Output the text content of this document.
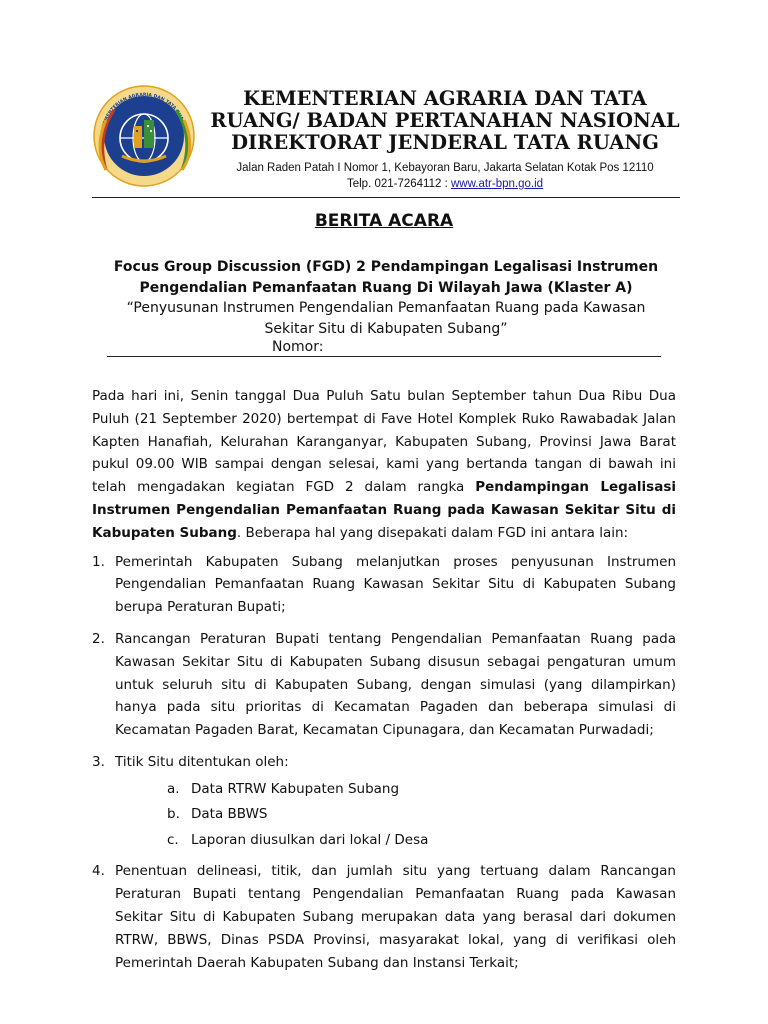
KEMENTERIAN AGRARIA DAN TATA RUANG
BADAN PERTANAHAN NASIONAL
KEMENTERIAN AGRARIA DAN TATA
RUANG/ BADAN PERTANAHAN NASIONAL
DIREKTORAT JENDERAL TATA RUANG
Jalan Raden Patah I Nomor 1, Kebayoran Baru, Jakarta Selatan Kotak Pos 12110
Telp. 021-7264112 : www.atr-bpn.go.id
BERITA ACARA
Focus Group Discussion (FGD) 2 Pendampingan Legalisasi Instrumen
Pengendalian Pemanfaatan Ruang Di Wilayah Jawa (Klaster A)
“Penyusunan Instrumen Pengendalian Pemanfaatan Ruang pada Kawasan
Sekitar Situ di Kabupaten Subang”
Nomor:

Pada hari ini, Senin tanggal Dua Puluh Satu bulan September tahun Dua Ribu Dua Puluh (21 September 2020) bertempat di Fave Hotel Komplek Ruko Rawabadak Jalan Kapten Hanafiah, Kelurahan Karanganyar, Kabupaten Subang, Provinsi Jawa Barat pukul 09.00 WIB sampai dengan selesai, kami yang bertanda tangan di bawah ini telah mengadakan kegiatan FGD 2 dalam rangka Pendampingan Legalisasi Instrumen Pengendalian Pemanfaatan Ruang pada Kawasan Sekitar Situ di Kabupaten Subang. Beberapa hal yang disepakati dalam FGD ini antara lain:

1. Pemerintah Kabupaten Subang melanjutkan proses penyusunan Instrumen Pengendalian Pemanfaatan Ruang Kawasan Sekitar Situ di Kabupaten Subang berupa Peraturan Bupati;
2. Rancangan Peraturan Bupati tentang Pengendalian Pemanfaatan Ruang pada Kawasan Sekitar Situ di Kabupaten Subang disusun sebagai pengaturan umum untuk seluruh situ di Kabupaten Subang, dengan simulasi (yang dilampirkan) hanya pada situ prioritas di Kecamatan Pagaden dan beberapa simulasi di Kecamatan Pagaden Barat, Kecamatan Cipunagara, dan Kecamatan Purwadadi;
3. Titik Situ ditentukan oleh:
a. Data RTRW Kabupaten Subang
b. Data BBWS
c. Laporan diusulkan dari lokal / Desa
4. Penentuan delineasi, titik, dan jumlah situ yang tertuang dalam Rancangan Peraturan Bupati tentang Pengendalian Pemanfaatan Ruang pada Kawasan Sekitar Situ di Kabupaten Subang merupakan data yang berasal dari dokumen RTRW, BBWS, Dinas PSDA Provinsi, masyarakat lokal, yang di verifikasi oleh Pemerintah Daerah Kabupaten Subang dan Instansi Terkait;
